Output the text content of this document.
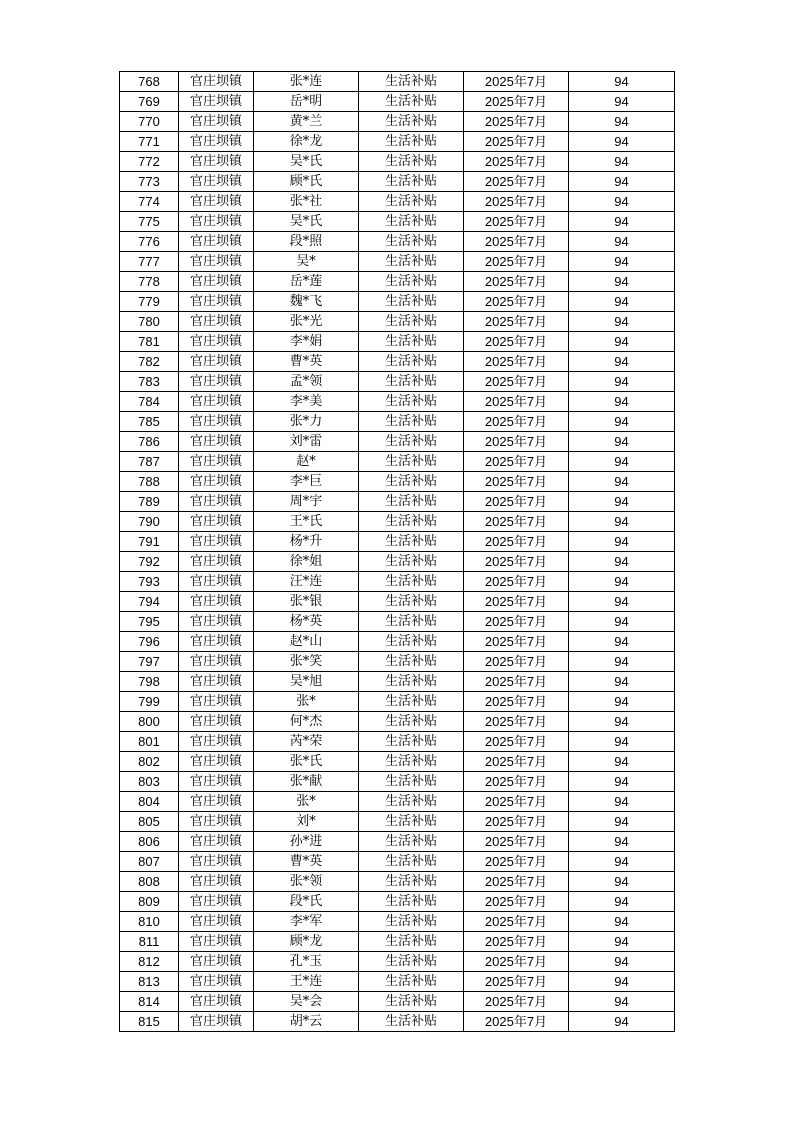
768	官庄坝镇	张*连	生活补贴	2025年7月	94
769	官庄坝镇	岳*明	生活补贴	2025年7月	94
770	官庄坝镇	黄*兰	生活补贴	2025年7月	94
771	官庄坝镇	徐*龙	生活补贴	2025年7月	94
772	官庄坝镇	吴*氏	生活补贴	2025年7月	94
773	官庄坝镇	顾*氏	生活补贴	2025年7月	94
774	官庄坝镇	张*社	生活补贴	2025年7月	94
775	官庄坝镇	吴*氏	生活补贴	2025年7月	94
776	官庄坝镇	段*照	生活补贴	2025年7月	94
777	官庄坝镇	吴*	生活补贴	2025年7月	94
778	官庄坝镇	岳*莲	生活补贴	2025年7月	94
779	官庄坝镇	魏*飞	生活补贴	2025年7月	94
780	官庄坝镇	张*光	生活补贴	2025年7月	94
781	官庄坝镇	李*娟	生活补贴	2025年7月	94
782	官庄坝镇	曹*英	生活补贴	2025年7月	94
783	官庄坝镇	孟*领	生活补贴	2025年7月	94
784	官庄坝镇	李*美	生活补贴	2025年7月	94
785	官庄坝镇	张*力	生活补贴	2025年7月	94
786	官庄坝镇	刘*雷	生活补贴	2025年7月	94
787	官庄坝镇	赵*	生活补贴	2025年7月	94
788	官庄坝镇	李*巨	生活补贴	2025年7月	94
789	官庄坝镇	周*宇	生活补贴	2025年7月	94
790	官庄坝镇	王*氏	生活补贴	2025年7月	94
791	官庄坝镇	杨*升	生活补贴	2025年7月	94
792	官庄坝镇	徐*姐	生活补贴	2025年7月	94
793	官庄坝镇	汪*连	生活补贴	2025年7月	94
794	官庄坝镇	张*银	生活补贴	2025年7月	94
795	官庄坝镇	杨*英	生活补贴	2025年7月	94
796	官庄坝镇	赵*山	生活补贴	2025年7月	94
797	官庄坝镇	张*笑	生活补贴	2025年7月	94
798	官庄坝镇	吴*旭	生活补贴	2025年7月	94
799	官庄坝镇	张*	生活补贴	2025年7月	94
800	官庄坝镇	何*杰	生活补贴	2025年7月	94
801	官庄坝镇	芮*荣	生活补贴	2025年7月	94
802	官庄坝镇	张*氏	生活补贴	2025年7月	94
803	官庄坝镇	张*献	生活补贴	2025年7月	94
804	官庄坝镇	张*	生活补贴	2025年7月	94
805	官庄坝镇	刘*	生活补贴	2025年7月	94
806	官庄坝镇	孙*进	生活补贴	2025年7月	94
807	官庄坝镇	曹*英	生活补贴	2025年7月	94
808	官庄坝镇	张*领	生活补贴	2025年7月	94
809	官庄坝镇	段*氏	生活补贴	2025年7月	94
810	官庄坝镇	李*军	生活补贴	2025年7月	94
811	官庄坝镇	顾*龙	生活补贴	2025年7月	94
812	官庄坝镇	孔*玉	生活补贴	2025年7月	94
813	官庄坝镇	王*连	生活补贴	2025年7月	94
814	官庄坝镇	吴*会	生活补贴	2025年7月	94
815	官庄坝镇	胡*云	生活补贴	2025年7月	94
